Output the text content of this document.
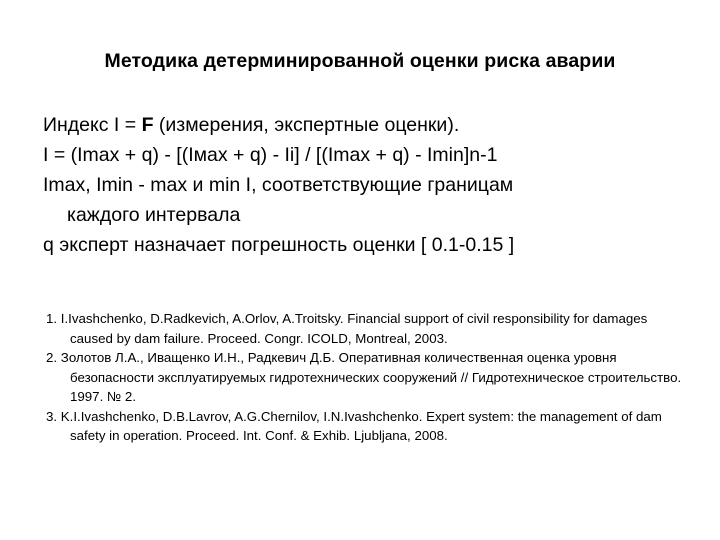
Методика детерминированной оценки риска аварии
Индекс I = F (измерения, экспертные оценки).
I = (Imax + q) - [(Iмах + q) - Ii] / [(Imax + q) - Imin]n-1
Imax, Imin - max и min I, соответствующие границам
каждого интервала
q эксперт назначает погрешность оценки [ 0.1-0.15 ]
1. I.Ivashchenko, D.Radkevich, A.Orlov, A.Troitsky. Financial support of civil responsibility for damages caused by dam failure. Proceed. Congr. ICOLD, Montreal, 2003.
2. Золотов Л.А., Иващенко И.Н., Радкевич Д.Б. Оперативная количественная оценка уровня безопасности эксплуатируемых гидротехнических сооружений // Гидротехническое строительство. 1997. № 2.
3. K.I.Ivashchenko, D.B.Lavrov, A.G.Chernilov, I.N.Ivashchenko. Expert system: the management of dam safety in operation. Proceed. Int. Conf. & Exhib. Ljubljana, 2008.
